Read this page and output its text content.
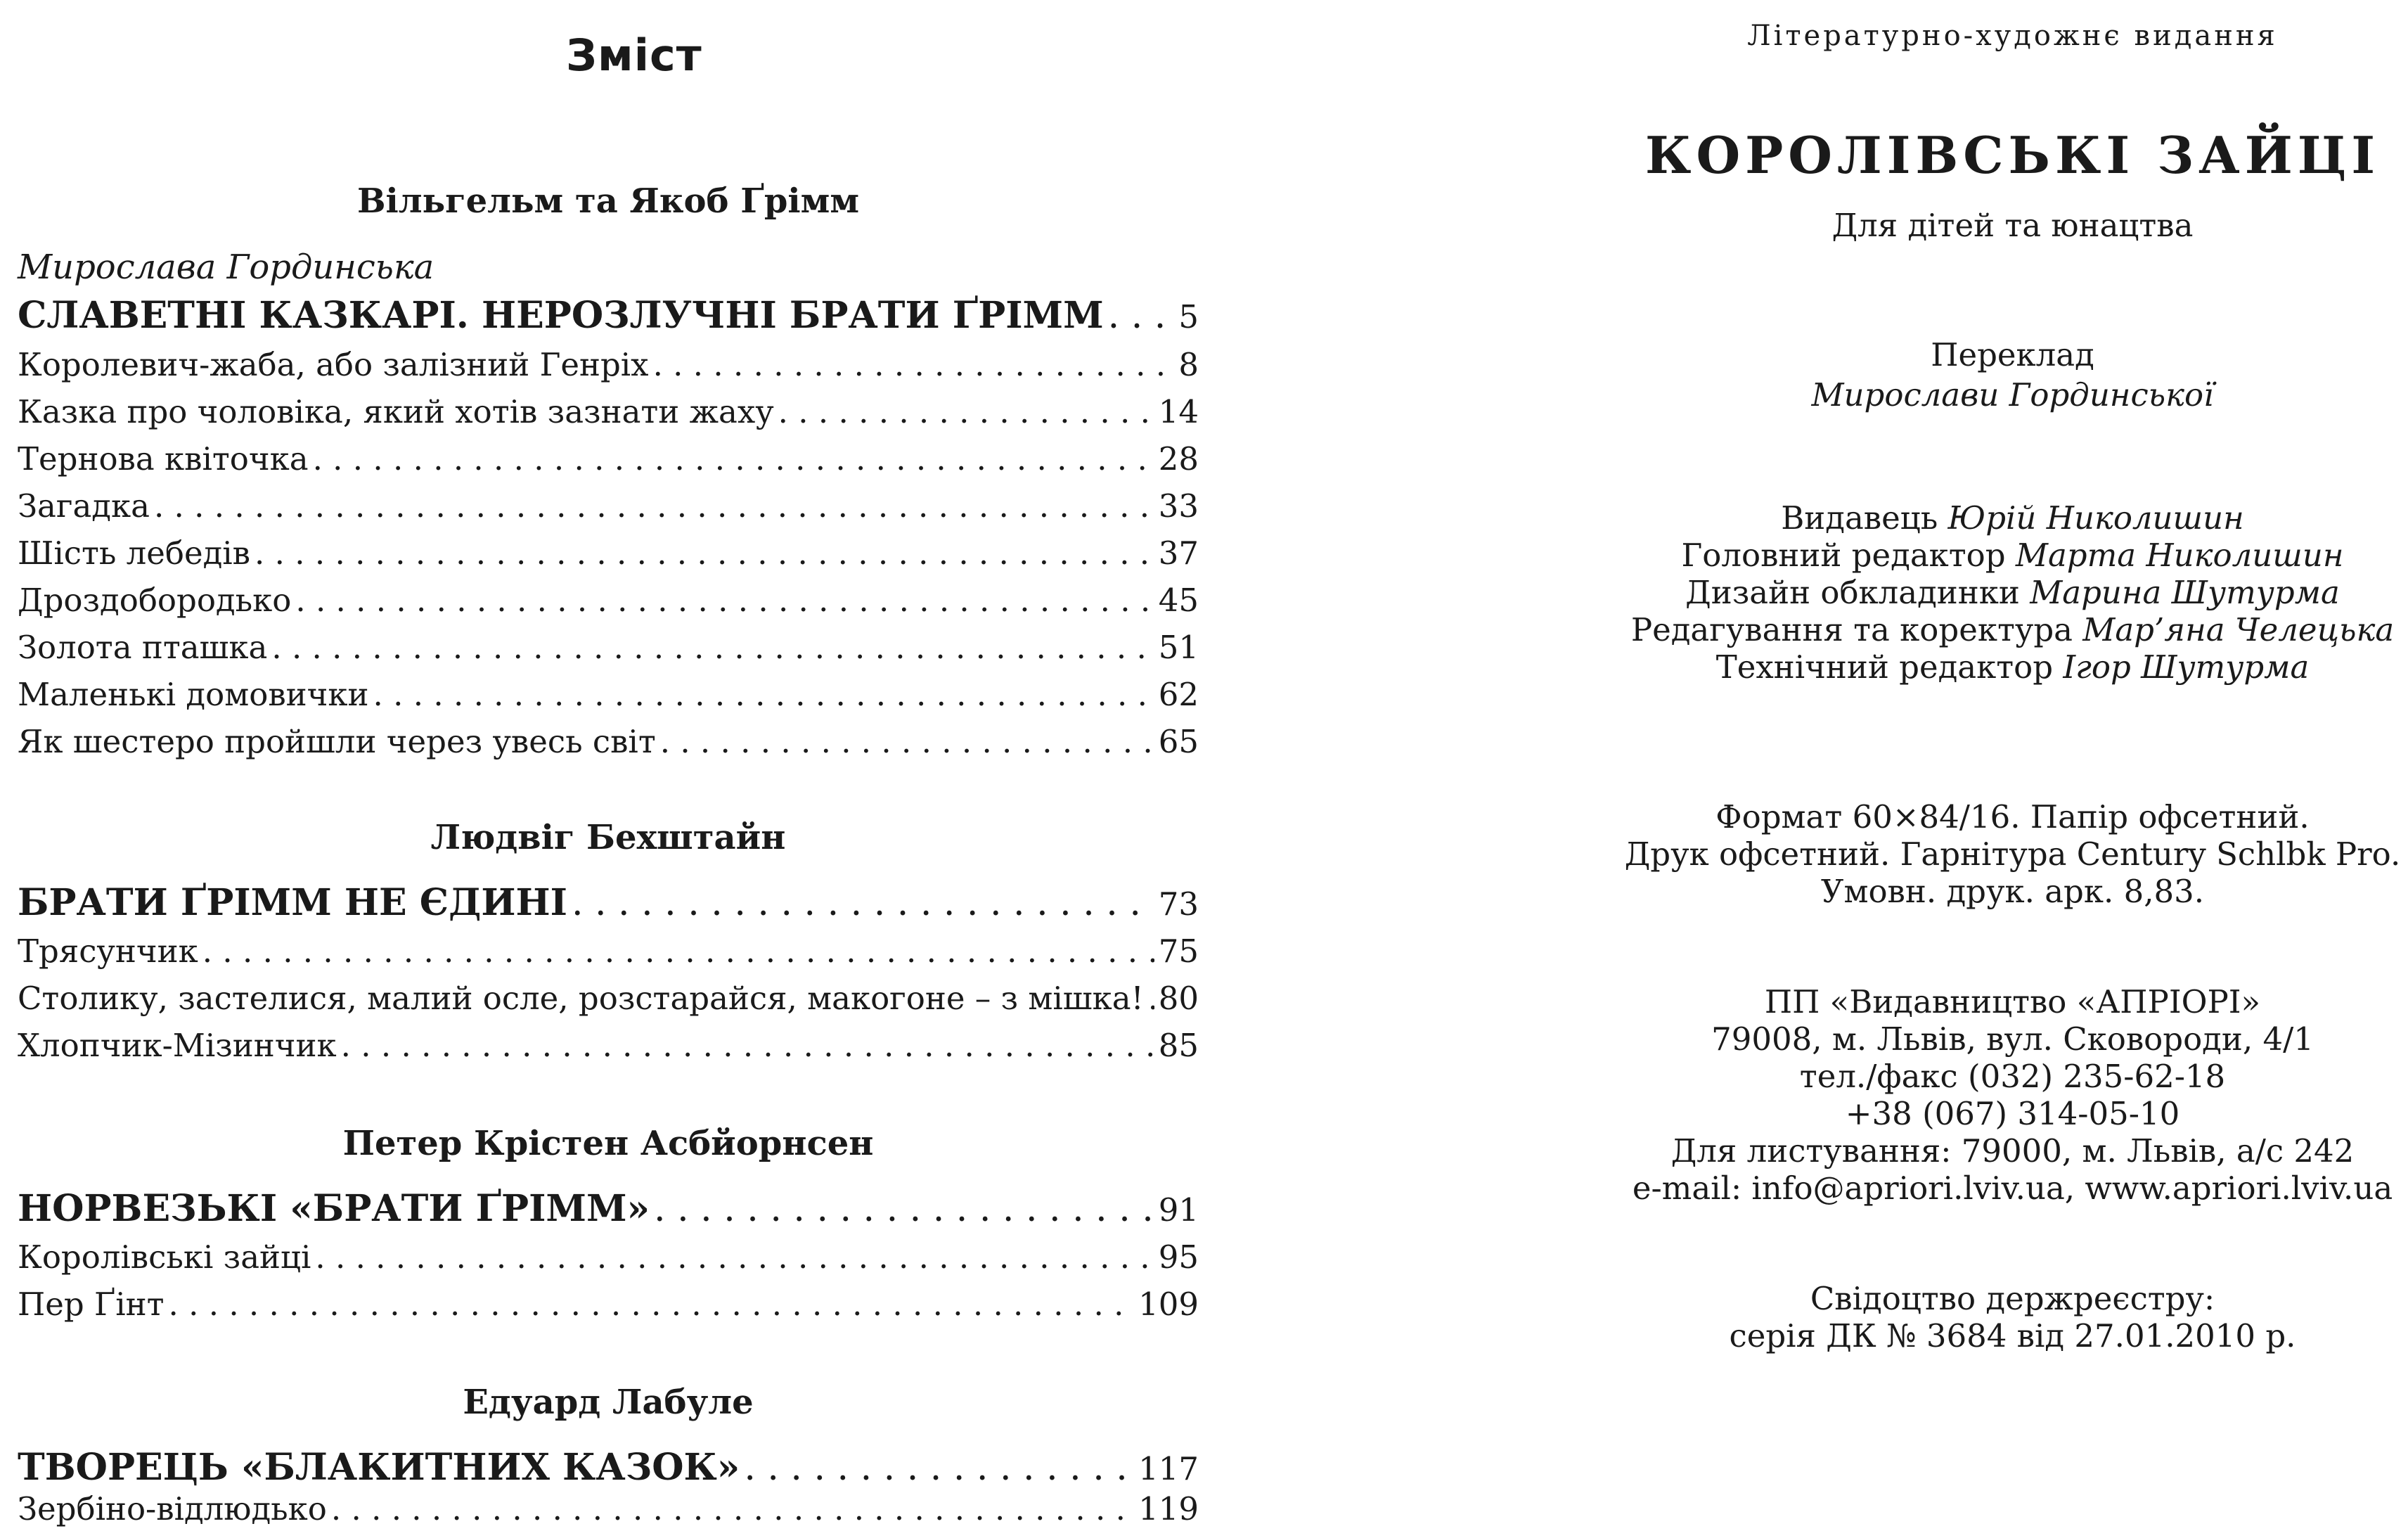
Зміст
Вільгельм та Якоб Ґрімм
Мирослава Гординська
СЛАВЕТНІ КАЗКАРІ. НЕРОЗЛУЧНІ БРАТИ ҐРІММ . . . 5
Королевич-жаба, або залізний Генріх . . .	8
Казка про чоловіка, який хотів зазнати жаху . . .	14
Тернова квіточка . . .	28
Загадка . . .	33
Шість лебедів . . .	37
Дроздобородько . . .	45
Золота пташка . . .	51
Маленькі домовички . . .	62
Як шестеро пройшли через увесь світ . . .	65
Людвіг Бехштайн
БРАТИ ҐРІММ НЕ ЄДИНІ . . .	73
Трясунчик . . .	75
Столику, застелися, малий осле, розстарайся, макогоне – з мішка! . . . 80
Хлопчик-Мізинчик . . .	85
Петер Крістен Асбйорнсен
НОРВЕЗЬКІ «БРАТИ ҐРІММ» . . .	91
Королівські зайці . . .	95
Пер Ґінт . . .	109
Едуард Лабуле
ТВОРЕЦЬ «БЛАКИТНИХ КАЗОК» . . .	117
Зербіно-відлюдько . . .	119
Літературно-художнє видання
КОРОЛІВСЬКІ ЗАЙЦІ
Для дітей та юнацтва
Переклад
Мирослави Гординської
Видавець Юрій Николишин
Головний редактор Марта Николишин
Дизайн обкладинки Марина Шутурма
Редагування та коректура Мар’яна Челецька
Технічний редактор Ігор Шутурма
Формат 60×84/16. Папір офсетний.
Друк офсетний. Гарнітура Century Schlbk Pro.
Умовн. друк. арк. 8,83.
ПП «Видавництво «АПРІОРІ»
79008, м. Львів, вул. Сковороди, 4/1
тел./факс (032) 235-62-18
+38 (067) 314-05-10
Для листування: 79000, м. Львів, а/с 242
e-mail: info@apriori.lviv.ua, www.apriori.lviv.ua
Свідоцтво держреєстру:
серія ДК № 3684 від 27.01.2010 р.
